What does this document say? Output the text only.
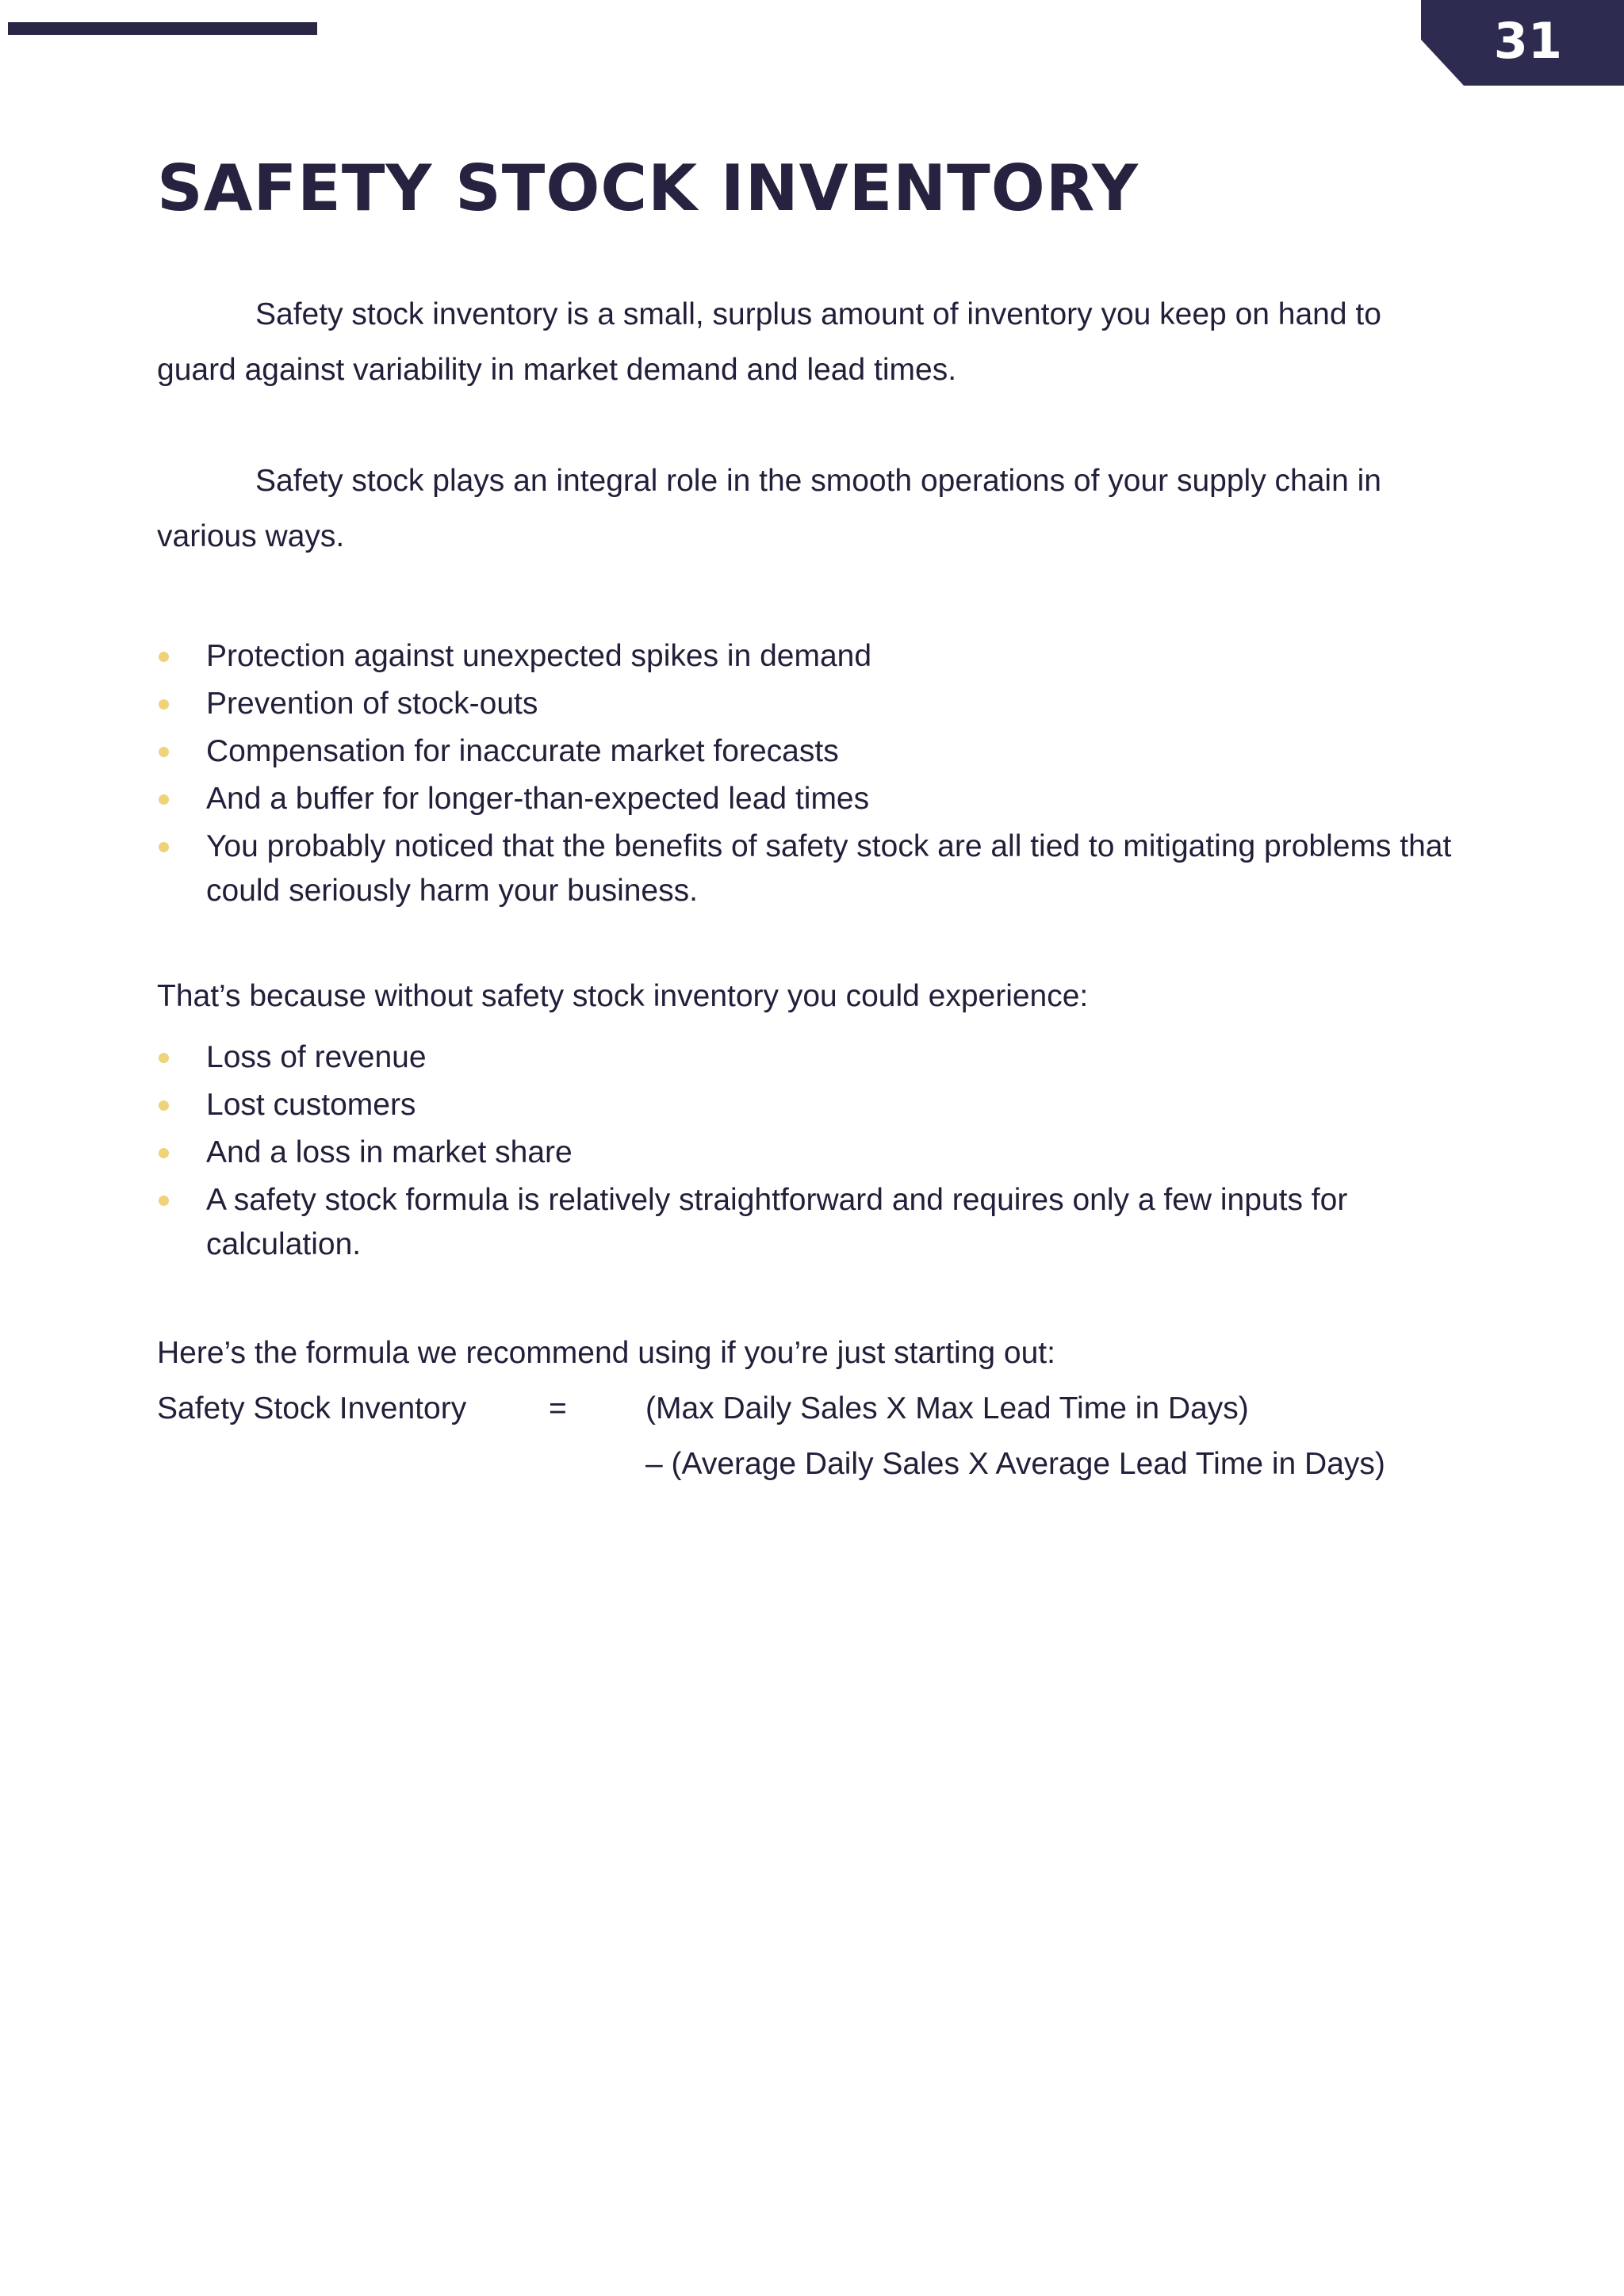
31
SAFETY STOCK INVENTORY

Safety stock inventory is a small, surplus amount of inventory you keep on hand to guard against variability in market demand and lead times.

Safety stock plays an integral role in the smooth operations of your supply chain in various ways.

Protection against unexpected spikes in demand
Prevention of stock-outs
Compensation for inaccurate market forecasts
And a buffer for longer-than-expected lead times
You probably noticed that the benefits of safety stock are all tied to mitigating problems that could seriously harm your business.

That’s because without safety stock inventory you could experience:

Loss of revenue
Lost customers
And a loss in market share
A safety stock formula is relatively straightforward and requires only a few inputs for calculation.

Here’s the formula we recommend using if you’re just starting out:

Safety Stock Inventory	=	(Max Daily Sales X Max Lead Time in Days)
– (Average Daily Sales X Average Lead Time in Days)
